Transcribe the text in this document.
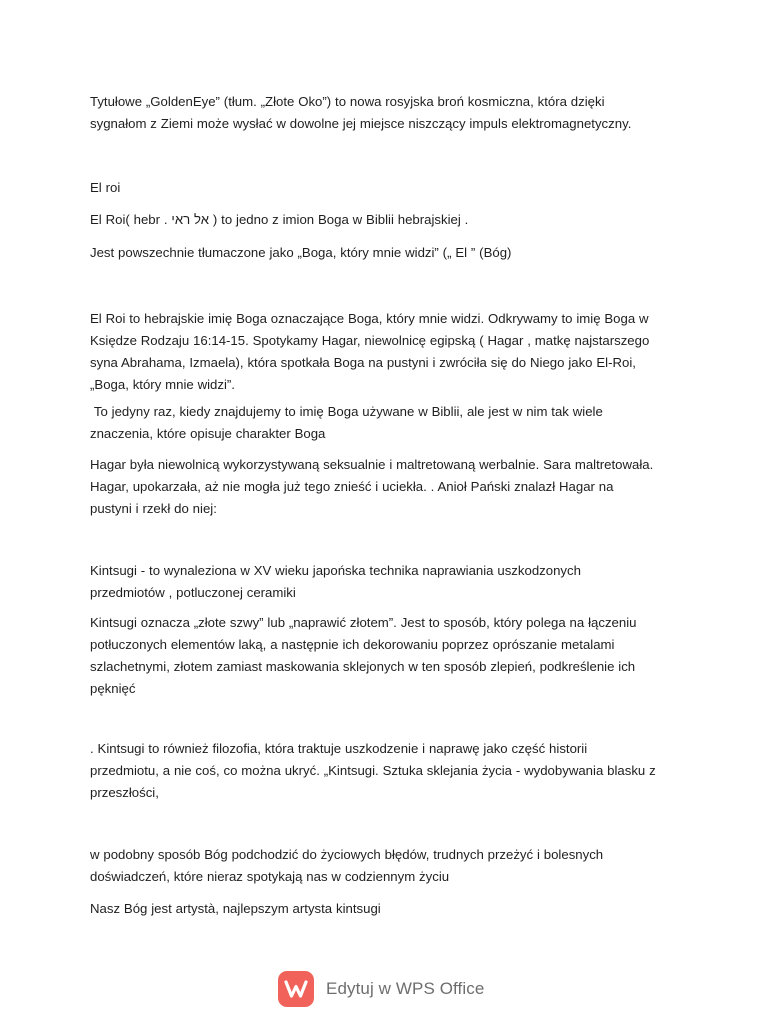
Tytułowe „GoldenEye” (tłum. „Złote Oko”) to nowa rosyjska broń kosmiczna, która dzięki
sygnałom z Ziemi może wysłać w dowolne jej miejsce niszczący impuls elektromagnetyczny.

El roi

El Roi( hebr . אל ראי ) to jedno z imion Boga w Biblii hebrajskiej .

Jest powszechnie tłumaczone jako „Boga, który mnie widzi” („ El ” (Bóg)

El Roi to hebrajskie imię Boga oznaczające Boga, który mnie widzi. Odkrywamy to imię Boga w
Księdze Rodzaju 16:14-15. Spotykamy Hagar, niewolnicę egipską ( Hagar , matkę najstarszego
syna Abrahama, Izmaela), która spotkała Boga na pustyni i zwróciła się do Niego jako El-Roi,
„Boga, który mnie widzi”.

To jedyny raz, kiedy znajdujemy to imię Boga używane w Biblii, ale jest w nim tak wiele
znaczenia, które opisuje charakter Boga

Hagar była niewolnicą wykorzystywaną seksualnie i maltretowaną werbalnie. Sara maltretowała.
Hagar, upokarzała, aż nie mogła już tego znieść i uciekła. . Anioł Pański znalazł Hagar na
pustyni i rzekł do niej:

Kintsugi - to wynaleziona w XV wieku japońska technika naprawiania uszkodzonych
przedmiotów , potluczonej ceramiki

Kintsugi oznacza „złote szwy” lub „naprawić złotem”. Jest to sposób, który polega na łączeniu
potłuczonych elementów laką, a następnie ich dekorowaniu poprzez oprószanie metalami
szlachetnymi, złotem zamiast maskowania sklejonych w ten sposób zlepień, podkreślenie ich
pęknięć

. Kintsugi to również filozofia, która traktuje uszkodzenie i naprawę jako część historii
przedmiotu, a nie coś, co można ukryć. „Kintsugi. Sztuka sklejania życia - wydobywania blasku z
przeszłości,

w podobny sposób Bóg podchodzić do życiowych błędów, trudnych przeżyć i bolesnych
doświadczeń, które nieraz spotykają nas w codziennym życiu

Nasz Bóg jest artystà, najlepszym artysta kintsugi

Edytuj w WPS Office
